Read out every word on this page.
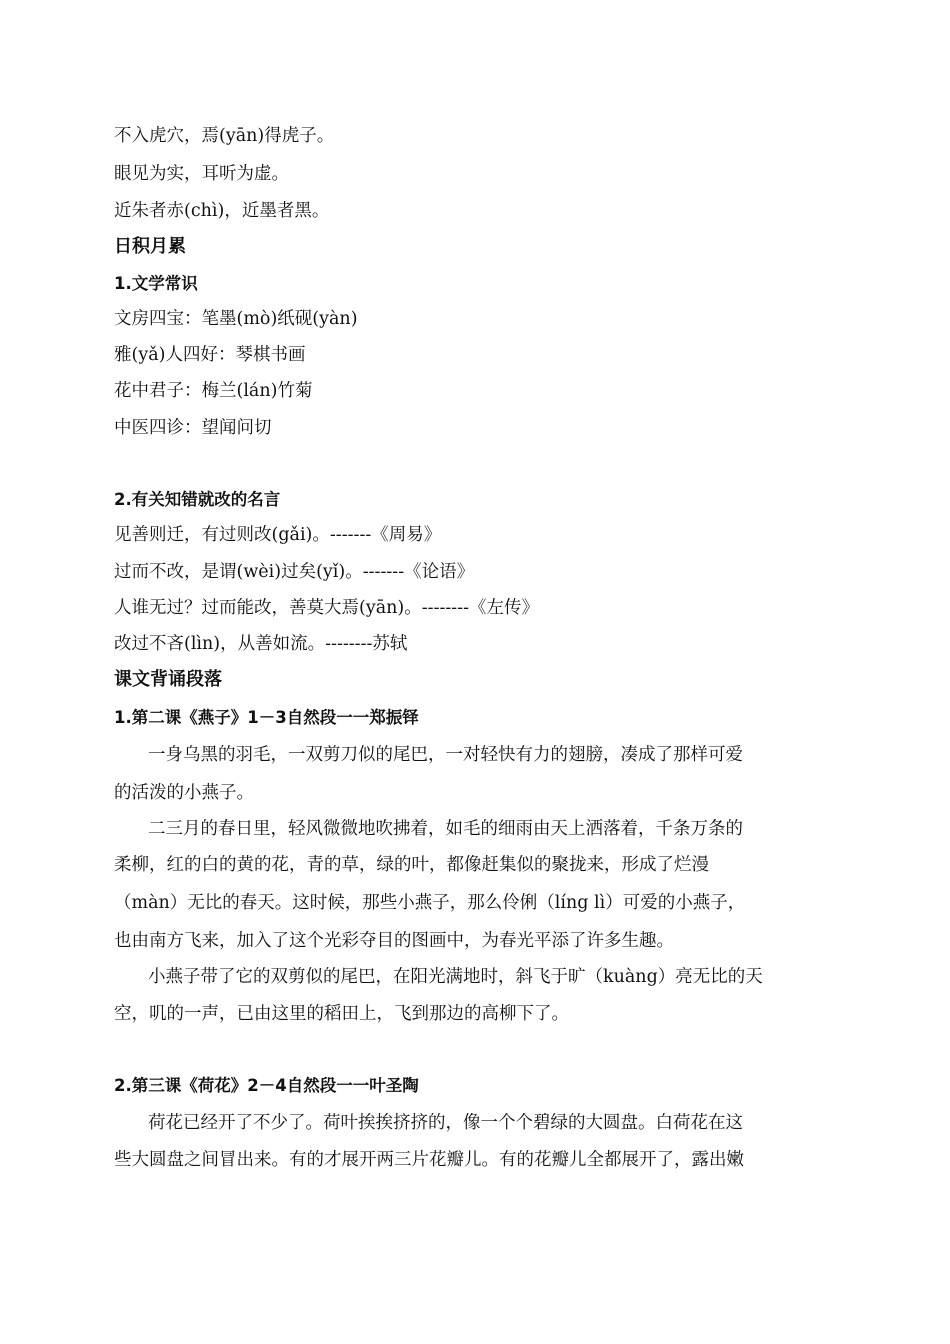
不入虎穴，焉(yān)得虎子。
眼见为实，耳听为虚。
近朱者赤(chì)，近墨者黑。
日积月累
1.文学常识
文房四宝：笔墨(mò)纸砚(yàn)
雅(yǎ)人四好：琴棋书画
花中君子：梅兰(lán)竹菊
中医四诊：望闻问切
2.有关知错就改的名言
见善则迁，有过则改(gǎi)。-------《周易》
过而不改，是谓(wèi)过矣(yǐ)。-------《论语》
人谁无过？过而能改，善莫大焉(yān)。--------《左传》
改过不吝(lìn)，从善如流。--------苏轼
课文背诵段落
1.第二课《燕子》1－3自然段一一郑振铎
一身乌黑的羽毛，一双剪刀似的尾巴，一对轻快有力的翅膀，凑成了那样可爱
的活泼的小燕子。
二三月的春日里，轻风微微地吹拂着，如毛的细雨由天上洒落着，千条万条的
柔柳，红的白的黄的花，青的草，绿的叶，都像赶集似的聚拢来，形成了烂漫
（màn）无比的春天。这时候，那些小燕子，那么伶俐（líng lì）可爱的小燕子，
也由南方飞来，加入了这个光彩夺目的图画中，为春光平添了许多生趣。
小燕子带了它的双剪似的尾巴，在阳光满地时，斜飞于旷（kuàng）亮无比的天
空，叽的一声，已由这里的稻田上，飞到那边的高柳下了。
2.第三课《荷花》2－4自然段一一叶圣陶
荷花已经开了不少了。荷叶挨挨挤挤的，像一个个碧绿的大圆盘。白荷花在这
些大圆盘之间冒出来。有的才展开两三片花瓣儿。有的花瓣儿全都展开了，露出嫩
